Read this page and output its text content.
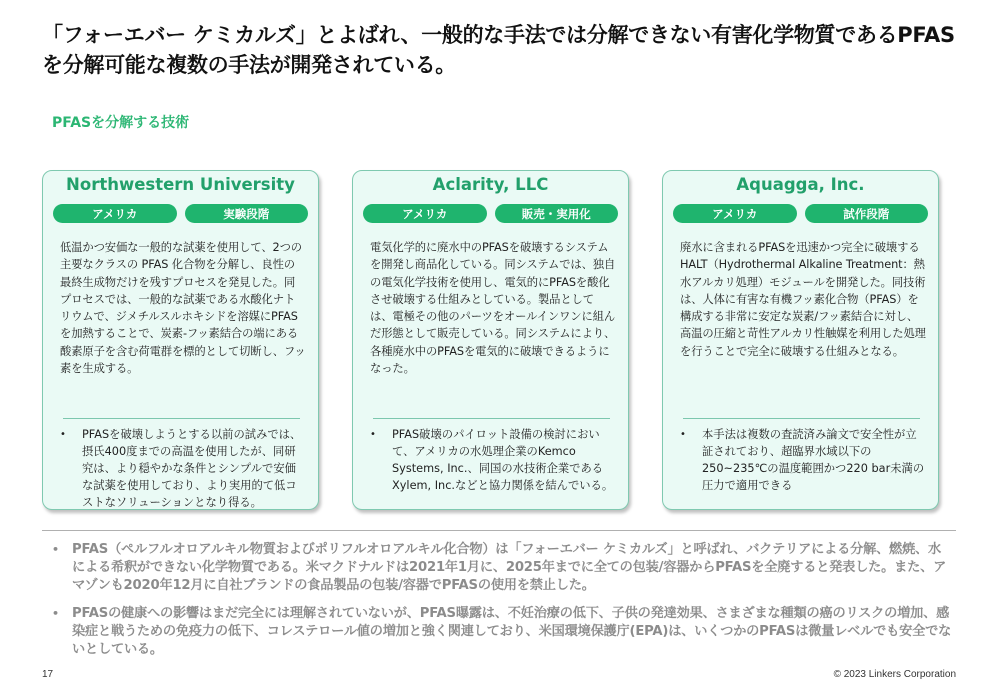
「フォーエバー ケミカルズ」とよばれ、一般的な手法では分解できない有害化学物質であるPFASを分解可能な複数の手法が開発されている。
PFASを分解する技術
Northwestern University
アメリカ	実験段階
低温かつ安価な一般的な試薬を使用して、2つの主要なクラスの PFAS 化合物を分解し、良性の最終生成物だけを残すプロセスを発見した。同プロセスでは、一般的な試薬である水酸化ナトリウムで、ジメチルスルホキシドを溶媒にPFASを加熱することで、炭素-フッ素結合の端にある酸素原子を含む荷電群を標的として切断し、フッ素を生成する。
•	PFASを破壊しようとする以前の試みでは、摂氏400度までの高温を使用したが、同研究は、より穏やかな条件とシンプルで安価な試薬を使用しており、より実用的て低コストなソリューションとなり得る。
Aclarity, LLC
アメリカ	販売・実用化
電気化学的に廃水中のPFASを破壊するシステムを開発し商品化している。同システムでは、独自の電気化学技術を使用し、電気的にPFASを酸化させ破壊する仕組みとしている。製品としては、電極その他のパーツをオールインワンに組んだ形態として販売している。同システムにより、各種廃水中のPFASを電気的に破壊できるようになった。
•	PFAS破壊のパイロット設備の検討において、アメリカの水処理企業のKemco Systems, Inc.、同国の水技術企業であるXylem, Inc.などと協力関係を結んでいる。
Aquagga, Inc.
アメリカ	試作段階
廃水に含まれるPFASを迅速かつ完全に破壊するHALT（Hydrothermal Alkaline Treatment：熱水アルカリ処理）モジュールを開発した。同技術は、人体に有害な有機フッ素化合物（PFAS）を構成する非常に安定な炭素/フッ素結合に対し、高温の圧縮と苛性アルカリ性触媒を利用した処理を行うことで完全に破壊する仕組みとなる。
•	本手法は複数の査読済み論文で安全性が立証されており、超臨界水域以下の250~235℃の温度範囲かつ220 bar未満の圧力で適用できる
• PFAS（ペルフルオロアルキル物質およびポリフルオロアルキル化合物）は「フォーエバー ケミカルズ」と呼ばれ、バクテリアによる分解、燃焼、水による希釈ができない化学物質である。米マクドナルドは2021年1月に、2025年までに全ての包装/容器からPFASを全廃すると発表した。また、アマゾンも2020年12月に自社ブランドの食品製品の包装/容器でPFASの使用を禁止した。
• PFASの健康への影響はまだ完全には理解されていないが、PFAS曝露は、不妊治療の低下、子供の発達効果、さまざまな種類の癌のリスクの増加、感染症と戦うための免疫力の低下、コレステロール値の増加と強く関連しており、米国環境保護庁(EPA)は、いくつかのPFASは微量レベルでも安全でないとしている。
17	© 2023 Linkers Corporation
